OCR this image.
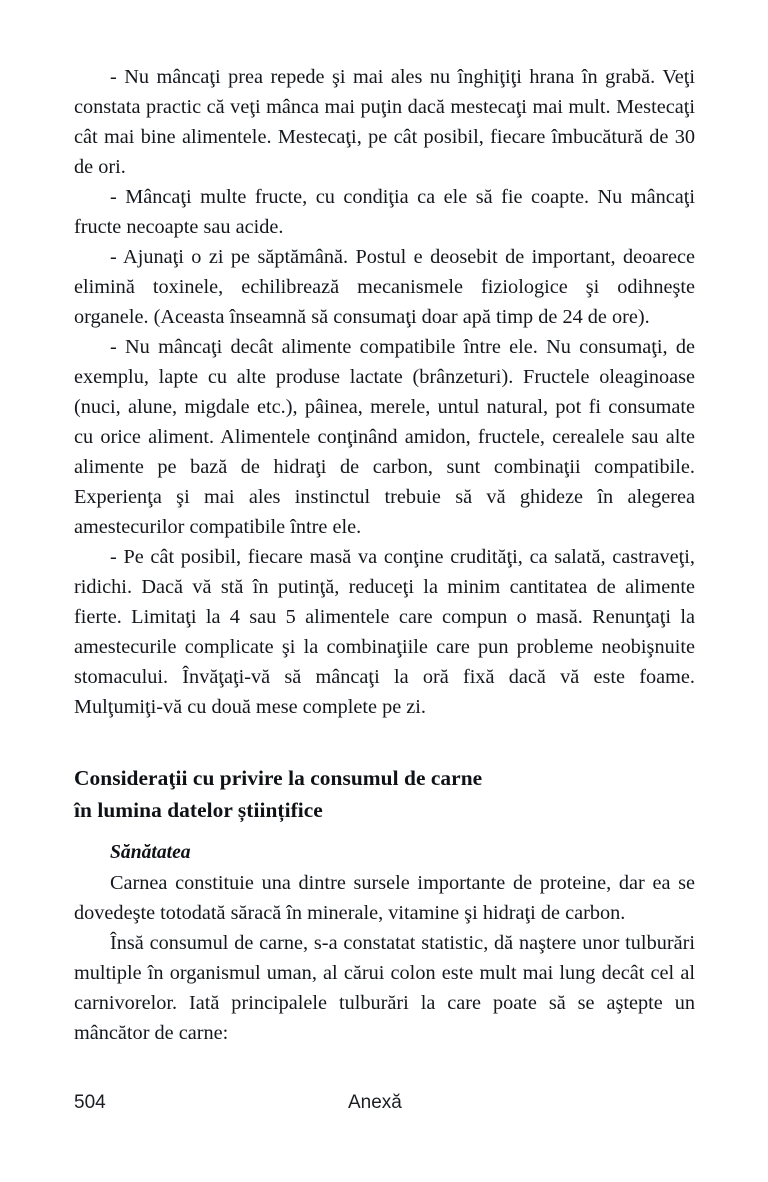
- Nu mâncaţi prea repede şi mai ales nu înghiţiţi hrana în grabă. Veţi constata practic că veţi mânca mai puţin dacă mestecaţi mai mult. Mestecaţi cât mai bine alimentele. Mestecaţi, pe cât posibil, fiecare îmbucătură de 30 de ori.

- Mâncaţi multe fructe, cu condiţia ca ele să fie coapte. Nu mâncaţi fructe necoapte sau acide.

- Ajunaţi o zi pe săptămână. Postul e deosebit de important, deoarece elimină toxinele, echilibrează mecanismele fiziologice şi odihneşte organele. (Aceasta înseamnă să consumaţi doar apă timp de 24 de ore).

- Nu mâncaţi decât alimente compatibile între ele. Nu consumaţi, de exemplu, lapte cu alte produse lactate (brânzeturi). Fructele oleaginoase (nuci, alune, migdale etc.), pâinea, merele, untul natural, pot fi consumate cu orice aliment. Alimentele conţinând amidon, fructele, cerealele sau alte alimente pe bază de hidraţi de carbon, sunt combinaţii compatibile. Experienţa şi mai ales instinctul trebuie să vă ghideze în alegerea amestecurilor compatibile între ele.

- Pe cât posibil, fiecare masă va conţine crudităţi, ca salată, castraveţi, ridichi. Dacă vă stă în putinţă, reduceţi la minim cantitatea de alimente fierte. Limitaţi la 4 sau 5 alimentele care compun o masă. Renunţaţi la amestecurile complicate şi la combinaţiile care pun probleme neobişnuite stomacului. Învăţaţi-vă să mâncaţi la oră fixă dacă vă este foame. Mulţumiţi-vă cu două mese complete pe zi.

Consideraţii cu privire la consumul de carne
în lumina datelor științifice
Sănătatea

Carnea constituie una dintre sursele importante de proteine, dar ea se dovedeşte totodată săracă în minerale, vitamine şi hidraţi de carbon.

Însă consumul de carne, s-a constatat statistic, dă naştere unor tulburări multiple în organismul uman, al cărui colon este mult mai lung decât cel al carnivorelor. Iată principalele tulburări la care poate să se aştepte un mâncător de carne:

504	Anexă
